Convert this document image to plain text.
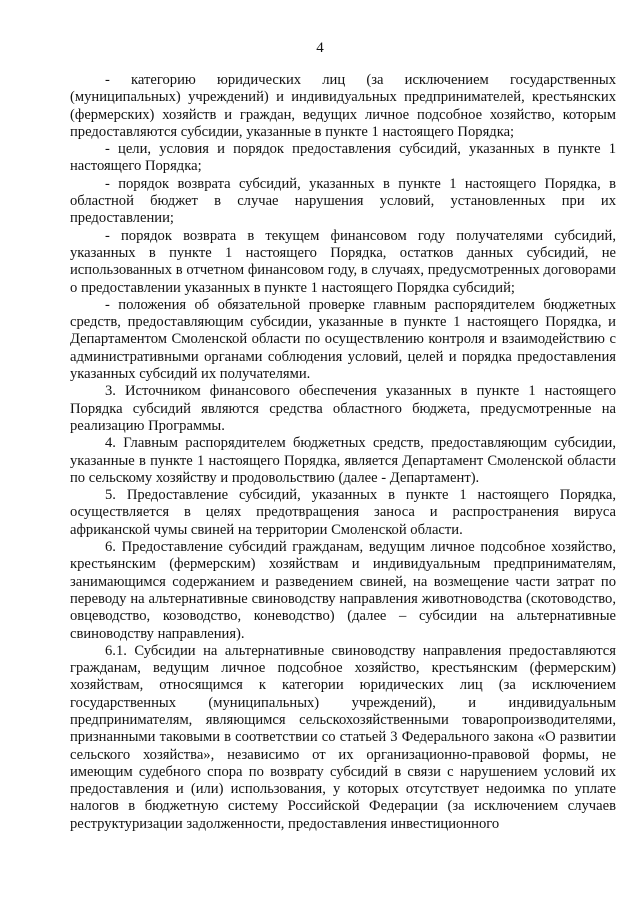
4

- категорию юридических лиц (за исключением государственных (муниципальных) учреждений) и индивидуальных предпринимателей, крестьянских (фермерских) хозяйств и граждан, ведущих личное подсобное хозяйство, которым предоставляются субсидии, указанные в пункте 1 настоящего Порядка;

- цели, условия и порядок предоставления субсидий, указанных в пункте 1 настоящего Порядка;

- порядок возврата субсидий, указанных в пункте 1 настоящего Порядка, в областной бюджет в случае нарушения условий, установленных при их предоставлении;

- порядок возврата в текущем финансовом году получателями субсидий, указанных в пункте 1 настоящего Порядка, остатков данных субсидий, не использованных в отчетном финансовом году, в случаях, предусмотренных договорами о предоставлении указанных в пункте 1 настоящего Порядка субсидий;

- положения об обязательной проверке главным распорядителем бюджетных средств, предоставляющим субсидии, указанные в пункте 1 настоящего Порядка, и Департаментом Смоленской области по осуществлению контроля и взаимодействию с административными органами соблюдения условий, целей и порядка предоставления указанных субсидий их получателями.

3. Источником финансового обеспечения указанных в пункте 1 настоящего Порядка субсидий являются средства областного бюджета, предусмотренные на реализацию Программы.

4. Главным распорядителем бюджетных средств, предоставляющим субсидии, указанные в пункте 1 настоящего Порядка, является Департамент Смоленской области по сельскому хозяйству и продовольствию (далее - Департамент).

5. Предоставление субсидий, указанных в пункте 1 настоящего Порядка, осуществляется в целях предотвращения заноса и распространения вируса африканской чумы свиней на территории Смоленской области.

6. Предоставление субсидий гражданам, ведущим личное подсобное хозяйство, крестьянским (фермерским) хозяйствам и индивидуальным предпринимателям, занимающимся содержанием и разведением свиней, на возмещение части затрат по переводу на альтернативные свиноводству направления животноводства (скотоводство, овцеводство, козоводство, коневодство) (далее – субсидии на альтернативные свиноводству направления).

6.1. Субсидии на альтернативные свиноводству направления предоставляются гражданам, ведущим личное подсобное хозяйство, крестьянским (фермерским) хозяйствам, относящимся к категории юридических лиц (за исключением государственных (муниципальных) учреждений), и индивидуальным предпринимателям, являющимся сельскохозяйственными товаропроизводителями, признанными таковыми в соответствии со статьей 3 Федерального закона «О развитии сельского хозяйства», независимо от их организационно-правовой формы, не имеющим судебного спора по возврату субсидий в связи с нарушением условий их предоставления и (или) использования, у которых отсутствует недоимка по уплате налогов в бюджетную систему Российской Федерации (за исключением случаев реструктуризации задолженности, предоставления инвестиционного
